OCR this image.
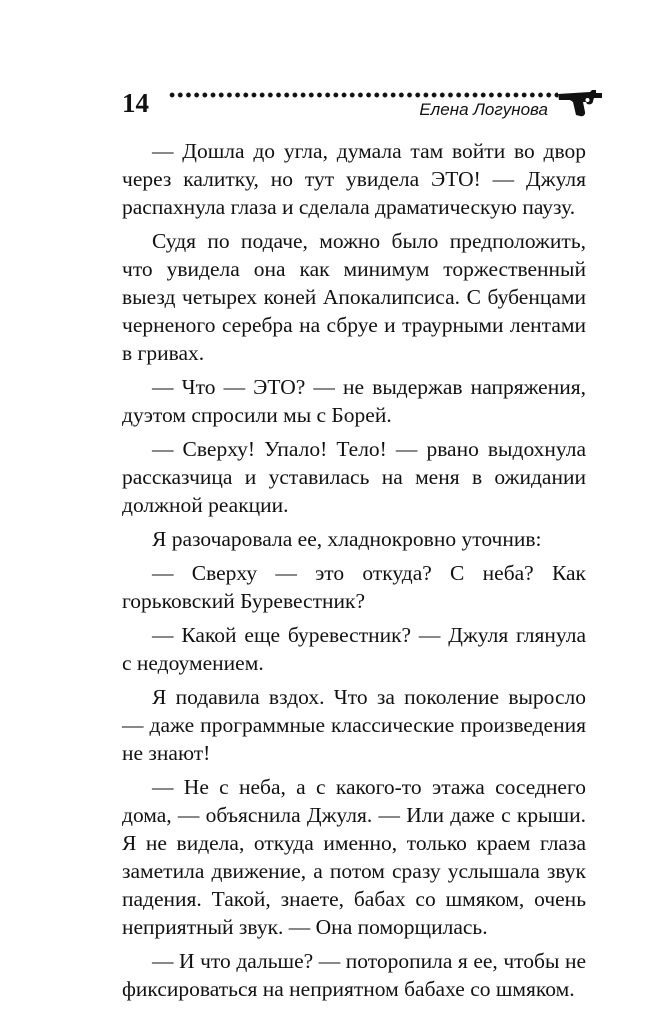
14	Елена Логунова

— Дошла до угла, думала там войти во двор через калитку, но тут увидела ЭТО! — Джуля распахнула глаза и сделала драматическую паузу.

Судя по подаче, можно было предположить, что увидела она как минимум торжественный выезд четырех коней Апокалипсиса. С бубенцами черненого серебра на сбруе и траурными лентами в гривах.

— Что — ЭТО? — не выдержав напряжения, дуэтом спросили мы с Борей.

— Сверху! Упало! Тело! — рвано выдохнула рассказчица и уставилась на меня в ожидании должной реакции.

Я разочаровала ее, хладнокровно уточнив:

— Сверху — это откуда? С неба? Как горьковский Буревестник?

— Какой еще буревестник? — Джуля глянула с недоумением.

Я подавила вздох. Что за поколение выросло — даже программные классические произведения не знают!

— Не с неба, а с какого-то этажа соседнего дома, — объяснила Джуля. — Или даже с крыши. Я не видела, откуда именно, только краем глаза заметила движение, а потом сразу услышала звук падения. Такой, знаете, бабах со шмяком, очень неприятный звук. — Она поморщилась.

— И что дальше? — поторопила я ее, чтобы не фиксироваться на неприятном бабахе со шмяком.
